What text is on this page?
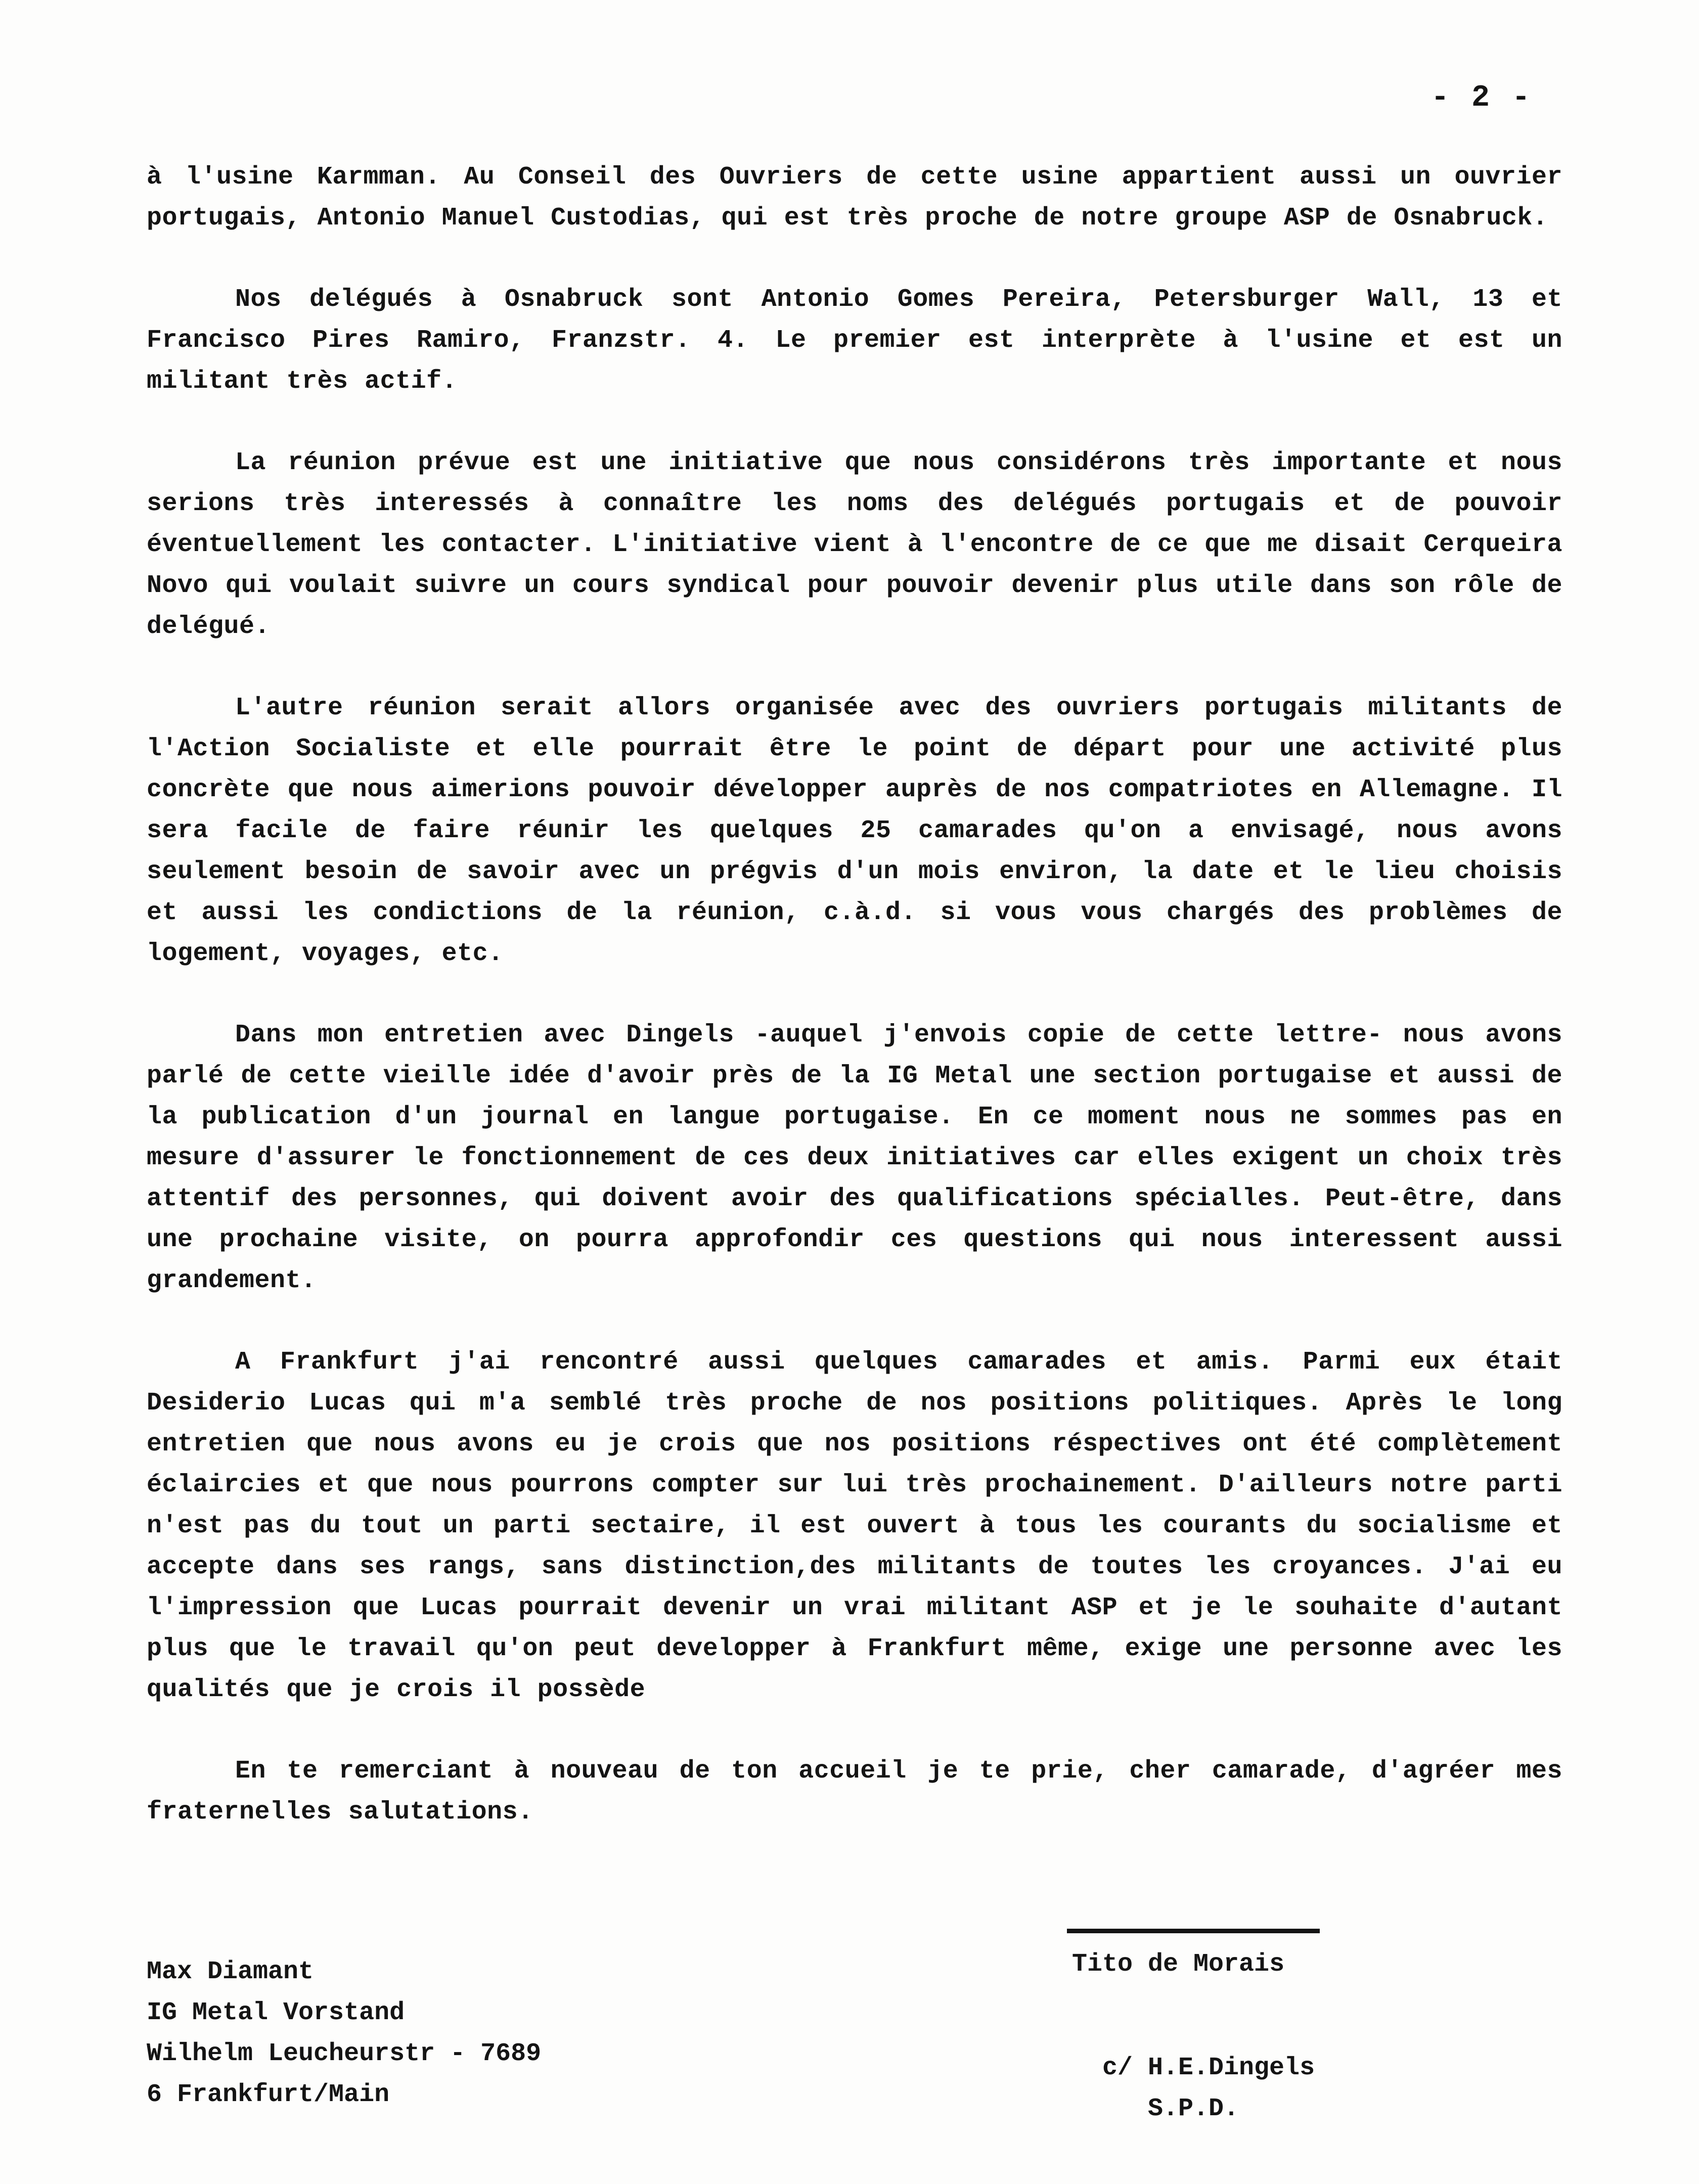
- 2 -

à l'usine Karmman. Au Conseil des Ouvriers de cette usine appartient aussi un ouvrier portugais, Antonio Manuel Custodias, qui est très proche de notre groupe ASP de Osnabruck.

Nos delégués à Osnabruck sont Antonio Gomes Pereira, Petersburger Wall, 13 et Francisco Pires Ramiro, Franzstr. 4. Le premier est interprète à l'usine et est un militant très actif.

La réunion prévue est une initiative que nous considérons très importante et nous serions très interessés à connaître les noms des delégués portugais et de pouvoir éventuellement les contacter. L'initiative vient à l'encontre de ce que me disait Cerqueira Novo qui voulait suivre un cours syndical pour pouvoir devenir plus utile dans son rôle de delégué.

L'autre réunion serait allors organisée avec des ouvriers portugais militants de l'Action Socialiste et elle pourrait être le point de départ pour une activité plus concrète que nous aimerions pouvoir développer auprès de nos compatriotes en Allemagne. Il sera facile de faire réunir les quelques 25 camarades qu'on a envisagé, nous avons seulement besoin de savoir avec un prégvis d'un mois environ, la date et le lieu choisis et aussi les condictions de la réunion, c.à.d. si vous vous chargés des problèmes de logement, voyages, etc.

Dans mon entretien avec Dingels -auquel j'envois copie de cette lettre- nous avons parlé de cette vieille idée d'avoir près de la IG Metal une section portugaise et aussi de la publication d'un journal en langue portugaise. En ce moment nous ne sommes pas en mesure d'assurer le fonctionnement de ces deux initiatives car elles exigent un choix très attentif des personnes, qui doivent avoir des qualifications spécialles. Peut-être, dans une prochaine visite, on pourra approfondir ces questions qui nous interessent aussi grandement.

A Frankfurt j'ai rencontré aussi quelques camarades et amis. Parmi eux était Desiderio Lucas qui m'a semblé très proche de nos positions politiques. Après le long entretien que nous avons eu je crois que nos positions réspectives ont été complètement éclaircies et que nous pourrons compter sur lui très prochainement. D'ailleurs notre parti n'est pas du tout un parti sectaire, il est ouvert à tous les courants du socialisme et accepte dans ses rangs, sans distinction,des militants de toutes les croyances. J'ai eu l'impression que Lucas pourrait devenir un vrai militant ASP et je le souhaite d'autant plus que le travail qu'on peut developper à Frankfurt même, exige une personne avec les qualités que je crois il possède

En te remerciant à nouveau de ton accueil je te prie, cher camarade, d'agréer mes fraternelles salutations.

Max Diamant
IG Metal Vorstand
Wilhelm Leucheurstr - 7689
6 Frankfurt/Main
Tito de Morais
c/ H.E.Dingels
S.P.D.
